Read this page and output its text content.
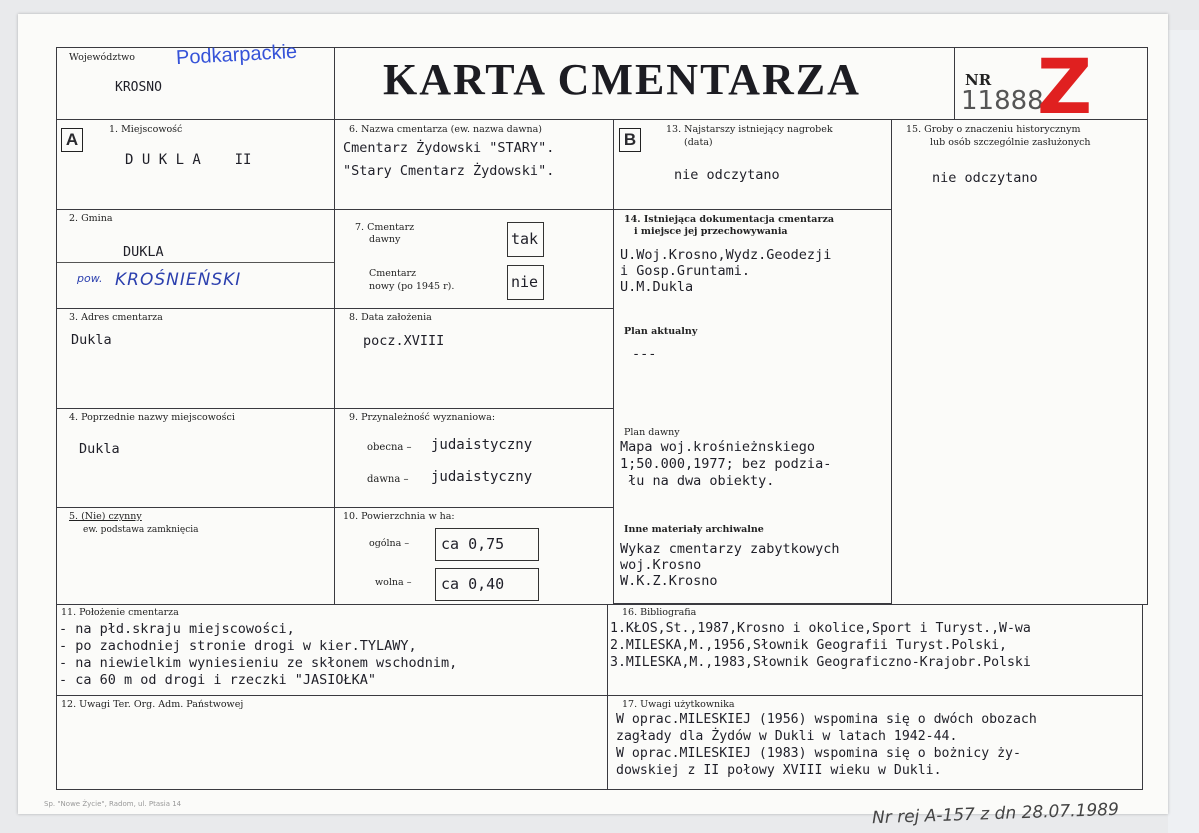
Województwo
KROSNO
Podkarpackie KARTA CMENTARZA	NR
11888
Z
A
1. Miejscowość
D U K L A    II
2. Gmina
DUKLA
pow. KROŚNIEŃSKI
3. Adres cmentarza
Dukla
4. Poprzednie nazwy miejscowości
Dukla
5. (Nie) czynny
ew. podstawa zamknięcia
6. Nazwa cmentarza (ew. nazwa dawna)
Cmentarz Żydowski "STARY".
"Stary Cmentarz Żydowski".
7. Cmentarz
dawny	tak
Cmentarz
nowy (po 1945 r).	nie
8. Data założenia
pocz.XVIII
9. Przynależność wyznaniowa:
obecna – judaistyczny
dawna – judaistyczny
10. Powierzchnia w ha:
ogólna –	ca 0,75
wolna –	ca 0,40
B
13. Najstarszy istniejący nagrobek
(data)
nie odczytano
14. Istniejąca dokumentacja cmentarza
i miejsce jej przechowywania
U.Woj.Krosno,Wydz.Geodezji
i Gosp.Gruntami.
U.M.Dukla
Plan aktualny
---
Plan dawny
Mapa woj.krośnieżnskiego
1;50.000,1977; bez podzia-
łu na dwa obiekty.
Inne materiały archiwalne
Wykaz cmentarzy zabytkowych
woj.Krosno
W.K.Z.Krosno
15. Groby o znaczeniu historycznym
lub osób szczególnie zasłużonych
nie odczytano
11. Położenie cmentarza
- na płd.skraju miejscowości,
- po zachodniej stronie drogi w kier.TYLAWY,
- na niewielkim wyniesieniu ze skłonem wschodnim,
- ca 60 m od drogi i rzeczki "JASIOŁKA"
16. Bibliografia
1.KŁOS,St.,1987,Krosno i okolice,Sport i Turyst.,W-wa
2.MILESKA,M.,1956,Słownik Geografii Turyst.Polski,
3.MILESKA,M.,1983,Słownik Geograficzno-Krajobr.Polski
12. Uwagi Ter. Org. Adm. Państwowej	17. Uwagi użytkownika
W oprac.MILESKIEJ (1956) wspomina się o dwóch obozach
zagłady dla Żydów w Dukli w latach 1942-44.
W oprac.MILESKIEJ (1983) wspomina się o bożnicy ży-
dowskiej z II połowy XVIII wieku w Dukli.
Sp. "Nowe Życie", Radom, ul. Ptasia 14	Nr rej A-157 z dn 28.07.1989
